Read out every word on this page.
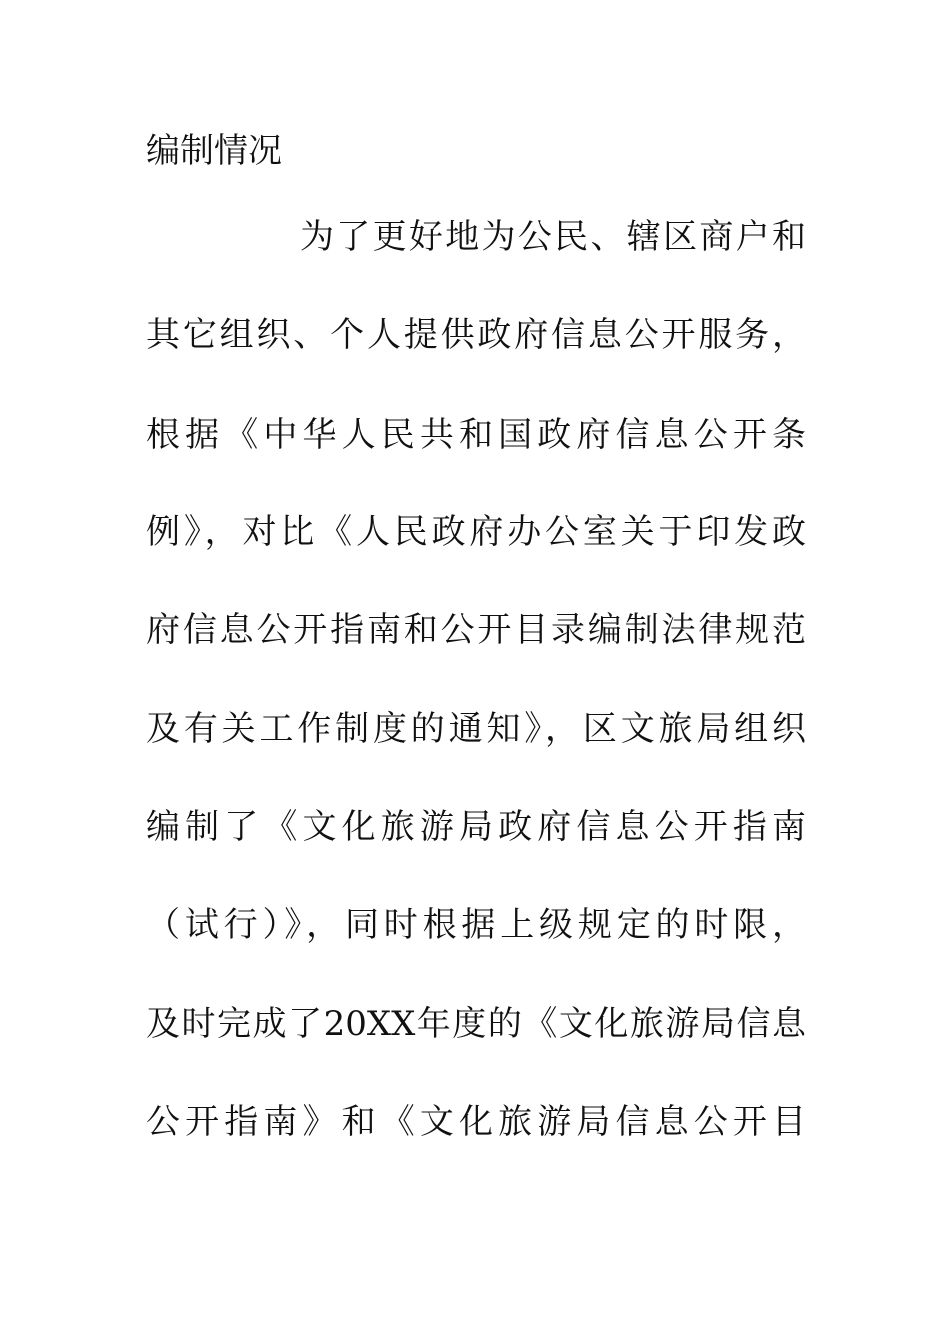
编制情况
为了更好地为公民、辖区商户和
其它组织、个人提供政府信息公开服务，
根据《中华人民共和国政府信息公开条
例》，对比《人民政府办公室关于印发政
府信息公开指南和公开目录编制法律规范
及有关工作制度的通知》，区文旅局组织
编制了《文化旅游局政府信息公开指南
（试行）》，同时根据上级规定的时限，
及时完成了20XX年度的《文化旅游局信息
公开指南》和《文化旅游局信息公开目
